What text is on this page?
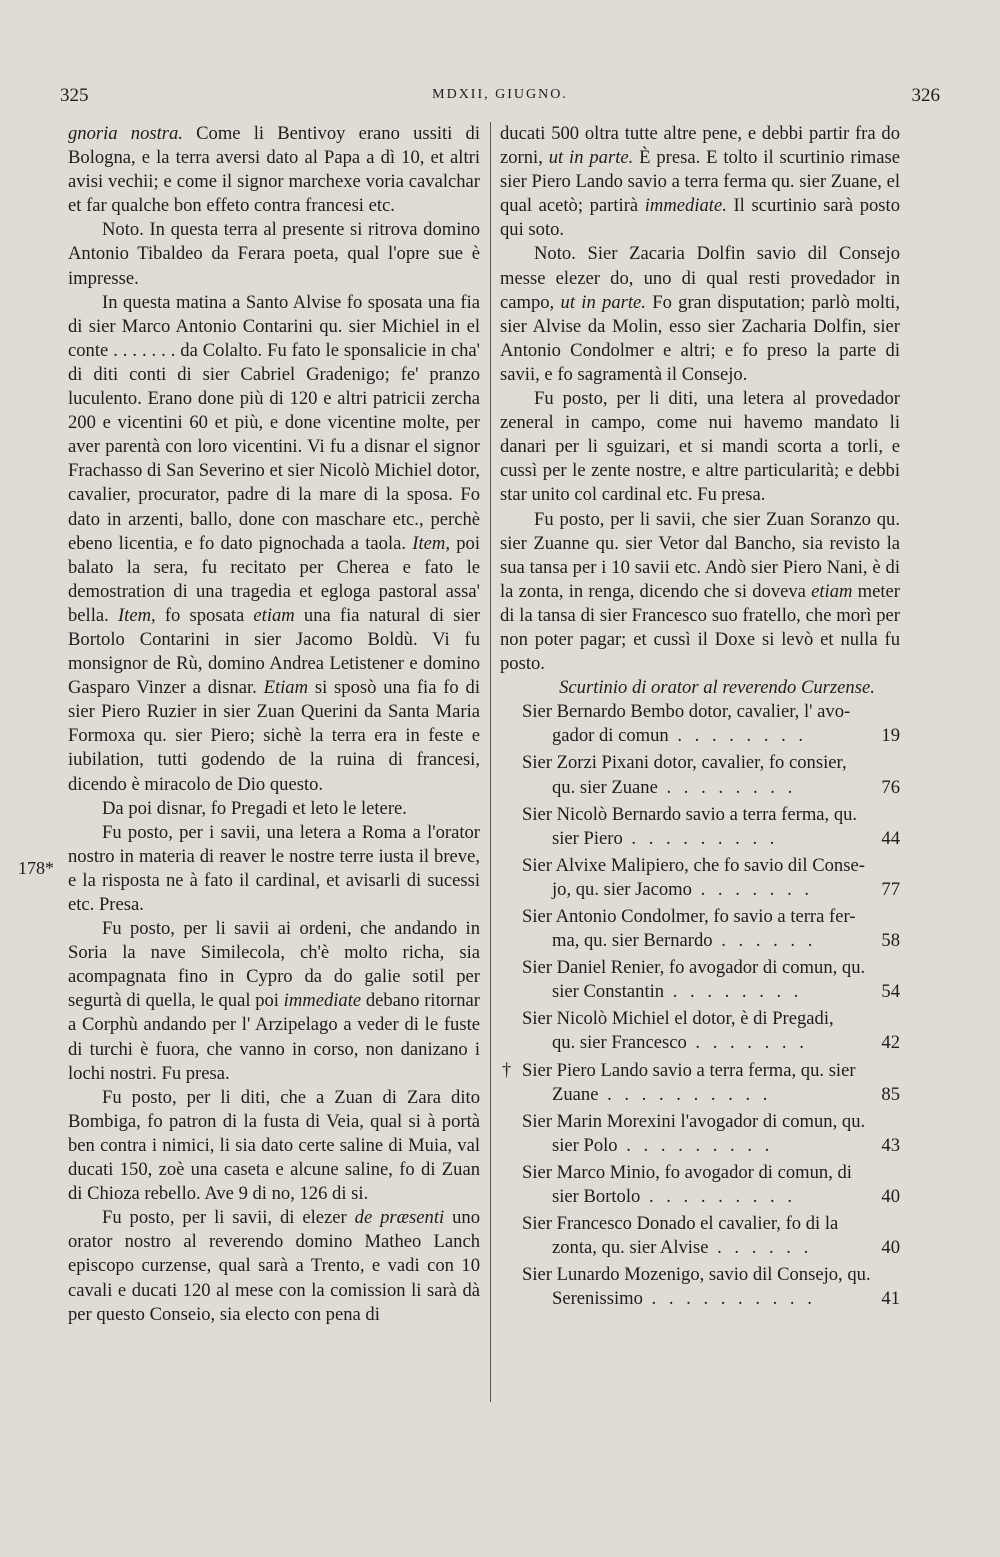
325	MDXII, GIUGNO.	326
178*

gnoria nostra. Come li Bentivoy erano ussiti di Bologna, e la terra aversi dato al Papa a dì 10, et altri avisi vechii; e come il signor marchexe voria cavalchar et far qualche bon effeto contra francesi etc.

Noto. In questa terra al presente si ritrova domino Antonio Tibaldeo da Ferara poeta, qual l'opre sue è impresse.

In questa matina a Santo Alvise fo sposata una fia di sier Marco Antonio Contarini qu. sier Michiel in el conte . . . . . . . da Colalto. Fu fato le sponsalicie in cha' di diti conti di sier Cabriel Gradenigo; fe' pranzo luculento. Erano done più di 120 e altri patricii zercha 200 e vicentini 60 et più, e done vicentine molte, per aver parentà con loro vicentini. Vi fu a disnar el signor Frachasso di San Severino et sier Nicolò Michiel dotor, cavalier, procurator, padre di la mare di la sposa. Fo dato in arzenti, ballo, done con maschare etc., perchè ebeno licentia, e fo dato pignochada a taola. Item, poi balato la sera, fu recitato per Cherea e fato le demostration di una tragedia et egloga pastoral assa' bella. Item, fo sposata etiam una fia natural di sier Bortolo Contarini in sier Jacomo Boldù. Vi fu monsignor de Rù, domino Andrea Letistener e domino Gasparo Vinzer a disnar. Etiam si sposò una fia fo di sier Piero Ruzier in sier Zuan Querini da Santa Maria Formoxa qu. sier Piero; sichè la terra era in feste e iubilation, tutti godendo de la ruina di francesi, dicendo è miracolo de Dio questo.

Da poi disnar, fo Pregadi et leto le letere.

Fu posto, per i savii, una letera a Roma a l'orator nostro in materia di reaver le nostre terre iusta il breve, e la risposta ne à fato il cardinal, et avisarli di sucessi etc. Presa.

Fu posto, per li savii ai ordeni, che andando in Soria la nave Similecola, ch'è molto richa, sia acompagnata fino in Cypro da do galie sotil per segurtà di quella, le qual poi immediate debano ritornar a Corphù andando per l' Arzipelago a veder di le fuste di turchi è fuora, che vanno in corso, non danizano i lochi nostri. Fu presa.

Fu posto, per li diti, che a Zuan di Zara dito Bombiga, fo patron di la fusta di Veia, qual si à portà ben contra i nimici, li sia dato certe saline di Muia, val ducati 150, zoè una caseta e alcune saline, fo di Zuan di Chioza rebello. Ave 9 di no, 126 di si.

Fu posto, per li savii, di elezer de præsenti uno orator nostro al reverendo domino Matheo Lanch episcopo curzense, qual sarà a Trento, e vadi con 10 cavali e ducati 120 al mese con la comission li sarà dà per questo Conseio, sia electo con pena di

ducati 500 oltra tutte altre pene, e debbi partir fra do zorni, ut in parte. È presa. E tolto il scurtinio rimase sier Piero Lando savio a terra ferma qu. sier Zuane, el qual acetò; partirà immediate. Il scurtinio sarà posto qui soto.

Noto. Sier Zacaria Dolfin savio dil Consejo messe elezer do, uno di qual resti provedador in campo, ut in parte. Fo gran disputation; parlò molti, sier Alvise da Molin, esso sier Zacharia Dolfin, sier Antonio Condolmer e altri; e fo preso la parte di savii, e fo sagramentà il Consejo.

Fu posto, per li diti, una letera al provedador zeneral in campo, come nui havemo mandato li danari per li sguizari, et si mandi scorta a torli, e cussì per le zente nostre, e altre particularità; e debbi star unito col cardinal etc. Fu presa.

Fu posto, per li savii, che sier Zuan Soranzo qu. sier Zuanne qu. sier Vetor dal Bancho, sia revisto la sua tansa per i 10 savii etc. Andò sier Piero Nani, è di la zonta, in renga, dicendo che si doveva etiam meter di la tansa di sier Francesco suo fratello, che morì per non poter pagar; et cussì il Doxe si levò et nulla fu posto.

Scurtinio di orator al reverendo Curzense.

Sier Bernardo Bembo dotor, cavalier, l' avo-
gador di comun . . . . . . . .	19
Sier Zorzi Pixani dotor, cavalier, fo consier,
qu. sier Zuane . . . . . . . .	76
Sier Nicolò Bernardo savio a terra ferma, qu.
sier Piero . . . . . . . . .	44
Sier Alvixe Malipiero, che fo savio dil Conse-
jo, qu. sier Jacomo . . . . . . .	77
Sier Antonio Condolmer, fo savio a terra fer-
ma, qu. sier Bernardo . . . . . .	58
Sier Daniel Renier, fo avogador di comun, qu.
sier Constantin . . . . . . . .	54
Sier Nicolò Michiel el dotor, è di Pregadi,
qu. sier Francesco . . . . . . .	42
† Sier Piero Lando savio a terra ferma, qu. sier
Zuane . . . . . . . . . .	85
Sier Marin Morexini l'avogador di comun, qu.
sier Polo . . . . . . . . .	43
Sier Marco Minio, fo avogador di comun, di
sier Bortolo . . . . . . . . .	40
Sier Francesco Donado el cavalier, fo di la
zonta, qu. sier Alvise . . . . . .	40
Sier Lunardo Mozenigo, savio dil Consejo, qu.
Serenissimo . . . . . . . . . .	41
